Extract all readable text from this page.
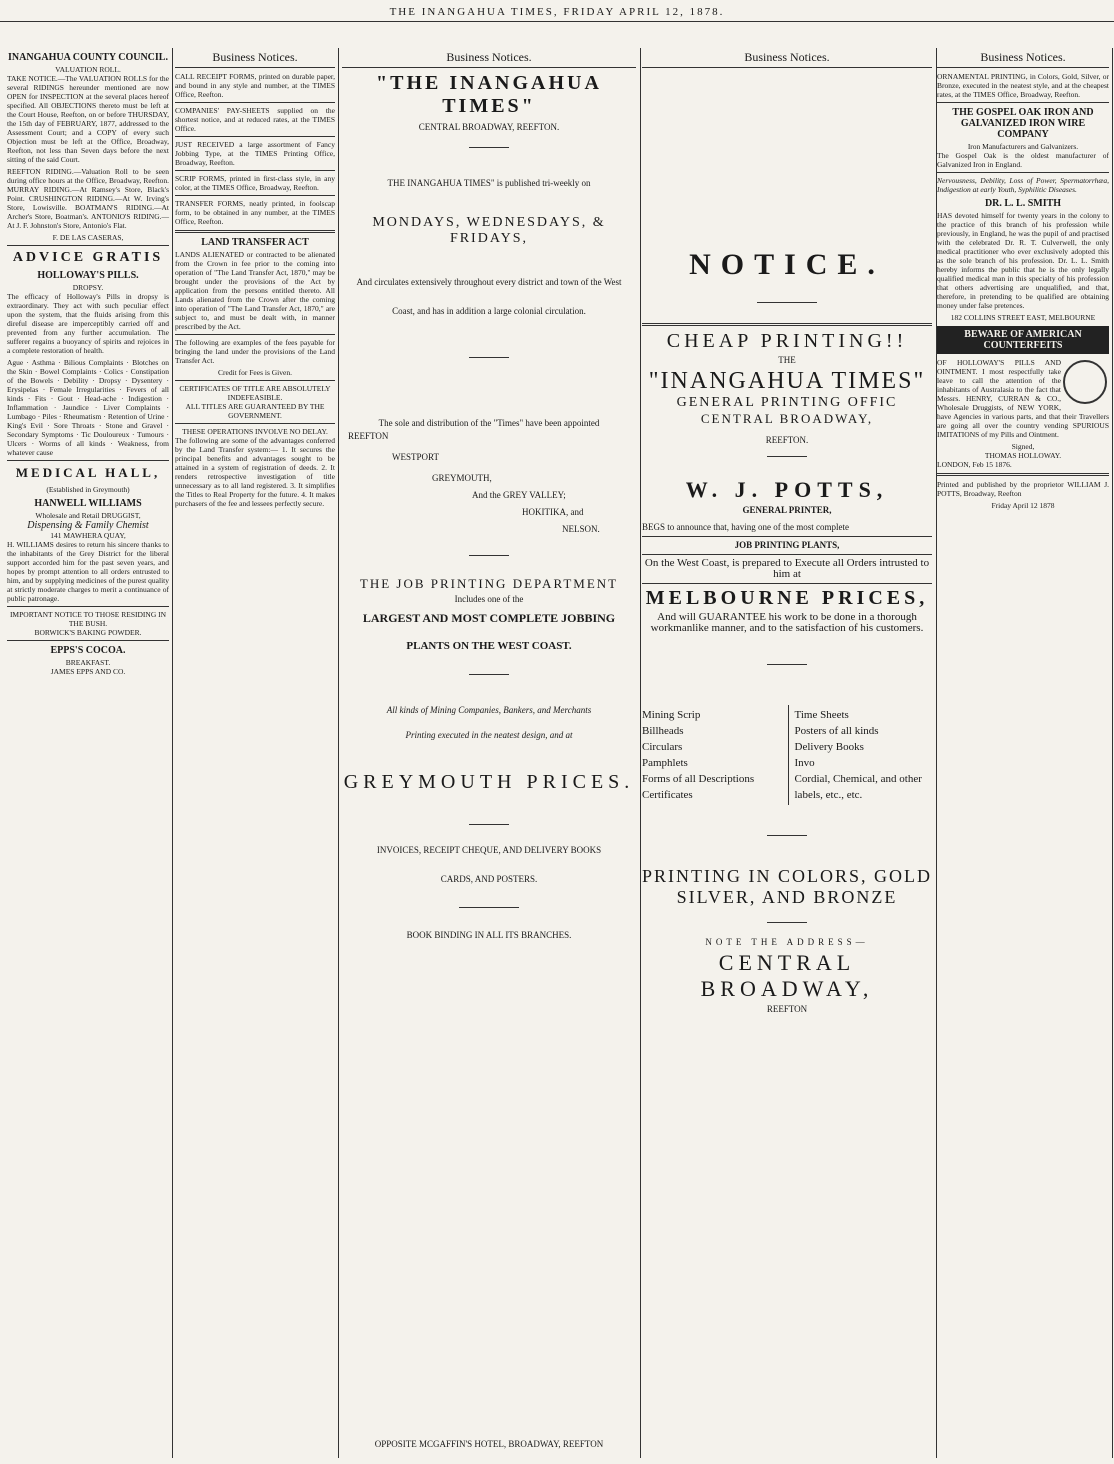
THE INANGAHUA TIMES, FRIDAY APRIL 12, 1878.
INANGAHUA COUNTY COUNCIL.
VALUATION ROLL.
TAKE NOTICE.—The VALUATION ROLLS for the several RIDINGS hereunder mentioned are now OPEN for INSPECTION at the several places hereof specified. All OBJECTIONS thereto must be left at the Court House, Reefton, on or before THURSDAY, the 15th day of FEBRUARY, 1877, addressed to the Assessment Court; and a COPY of every such Objection must be left at the Office, Broadway, Reefton, not less than Seven days before the next sitting of the said Court.
REEFTON RIDING.—Valuation Roll to be seen during office hours at the Office, Broadway, Reefton. MURRAY RIDING.—At Ramsey's Store, Black's Point. CRUSHINGTON RIDING.—At W. Irving's Store, Lowisville. BOATMAN'S RIDING.—At Archer's Store, Boatman's. ANTONIO'S RIDING.—At J. F. Johnston's Store, Antonio's Flat.
F. DE LAS CASERAS,
ADVICE GRATIS
HOLLOWAY'S PILLS.
DROPSY.
The efficacy of Holloway's Pills in dropsy is extraordinary. They act with such peculiar effect upon the system, that the fluids arising from this direful disease are imperceptibly carried off and prevented from any further accumulation. The sufferer regains a buoyancy of spirits and rejoices in a complete restoration of health.
Ague · Asthma · Bilious Complaints · Blotches on the Skin · Bowel Complaints · Colics · Constipation of the Bowels · Debility · Dropsy · Dysentery · Erysipelas · Female Irregularities · Fevers of all kinds · Fits · Gout · Head-ache · Indigestion · Inflammation · Jaundice · Liver Complaints · Lumbago · Piles · Rheumatism · Retention of Urine · King's Evil · Sore Throats · Stone and Gravel · Secondary Symptoms · Tic Douloureux · Tumours · Ulcers · Worms of all kinds · Weakness, from whatever cause
MEDICAL HALL,
(Established in Greymouth)
HANWELL WILLIAMS
Wholesale and Retail DRUGGIST,
Dispensing & Family Chemist
141 MAWHERA QUAY,
H. WILLIAMS desires to return his sincere thanks to the inhabitants of the Grey District for the liberal support accorded him for the past seven years, and hopes by prompt attention to all orders entrusted to him, and by supplying medicines of the purest quality at strictly moderate charges to merit a continuance of public patronage.
IMPORTANT NOTICE TO THOSE RESIDING IN THE BUSH.
BORWICK'S BAKING POWDER.
EPPS'S COCOA.
BREAKFAST.
JAMES EPPS AND CO.
Business Notices.
CALL RECEIPT FORMS, printed on durable paper, and bound in any style and number, at the TIMES Office, Reefton.
COMPANIES' PAY-SHEETS supplied on the shortest notice, and at reduced rates, at the TIMES Office.
JUST RECEIVED a large assortment of Fancy Jobbing Type, at the TIMES Printing Office, Broadway, Reefton.
SCRIP FORMS, printed in first-class style, in any color, at the TIMES Office, Broadway, Reefton.
TRANSFER FORMS, neatly printed, in foolscap form, to be obtained in any number, at the TIMES Office, Reefton.
LAND TRANSFER ACT
LANDS ALIENATED or contracted to be alienated from the Crown in fee prior to the coming into operation of "The Land Transfer Act, 1870," may be brought under the provisions of the Act by application from the persons entitled thereto. All Lands alienated from the Crown after the coming into operation of "The Land Transfer Act, 1870," are subject to, and must be dealt with, in manner prescribed by the Act.
The following are examples of the fees payable for bringing the land under the provisions of the Land Transfer Act.
Credit for Fees is Given.
CERTIFICATES OF TITLE ARE ABSOLUTELY INDEFEASIBLE.
ALL TITLES ARE GUARANTEED BY THE GOVERNMENT.
THESE OPERATIONS INVOLVE NO DELAY.
The following are some of the advantages conferred by the Land Transfer system:— 1. It secures the principal benefits and advantages sought to be attained in a system of registration of deeds. 2. It renders retrospective investigation of title unnecessary as to all land registered. 3. It simplifies the Titles to Real Property for the future. 4. It makes purchasers of the fee and lessees perfectly secure.
Business Notices.
"THE INANGAHUA TIMES"
CENTRAL BROADWAY, REEFTON.
THE INANGAHUA TIMES" is published tri-weekly on
MONDAYS, WEDNESDAYS, & FRIDAYS,
And circulates extensively throughout every district and town of the West
Coast, and has in addition a large colonial circulation.
The sole and distribution of the "Times" have been appointed
REEFTON
WESTPORT
GREYMOUTH,
And the GREY VALLEY;
HOKITIKA, and
NELSON.
THE JOB PRINTING DEPARTMENT
Includes one of the
LARGEST AND MOST COMPLETE JOBBING
PLANTS ON THE WEST COAST.
All kinds of Mining Companies, Bankers, and Merchants
Printing executed in the neatest design, and at
GREYMOUTH PRICES.
INVOICES, RECEIPT CHEQUE, AND DELIVERY BOOKS
CARDS, AND POSTERS.
BOOK BINDING IN ALL ITS BRANCHES.
OPPOSITE MCGAFFIN'S HOTEL, BROADWAY, REEFTON
Business Notices.
NOTICE.
CHEAP PRINTING!!
THE
"INANGAHUA TIMES"
GENERAL PRINTING OFFIC
CENTRAL BROADWAY,
REEFTON.
W. J. POTTS,
GENERAL PRINTER,
BEGS to announce that, having one of the most complete
JOB PRINTING PLANTS,
On the West Coast, is prepared to Execute all Orders intrusted to him at
MELBOURNE PRICES,
And will GUARANTEE his work to be done in a thorough workmanlike manner, and to the satisfaction of his customers.
Mining Scrip
Billheads
Circulars
Pamphlets
Forms of all Descriptions
Certificates
Time Sheets
Posters of all kinds
Delivery Books
Invo
Cordial, Chemical, and other
labels, etc., etc.
PRINTING IN COLORS, GOLD SILVER, AND BRONZE
NOTE THE ADDRESS—
CENTRAL BROADWAY,
REEFTON
Business Notices.
ORNAMENTAL PRINTING, in Colors, Gold, Silver, or Bronze, executed in the neatest style, and at the cheapest rates, at the TIMES Office, Broadway, Reefton.
THE GOSPEL OAK IRON AND GALVANIZED IRON WIRE COMPANY
Iron Manufacturers and Galvanizers.
The Gospel Oak is the oldest manufacturer of Galvanized Iron in England.
Nervousness, Debility, Loss of Power, Spermatorrhæa, Indigestion at early Youth, Syphilitic Diseases.
DR. L. L. SMITH
HAS devoted himself for twenty years in the colony to the practice of this branch of his profession while previously, in England, he was the pupil of and practised with the celebrated Dr. R. T. Culverwell, the only medical practitioner who ever exclusively adopted this as the sole branch of his profession. Dr. L. L. Smith hereby informs the public that he is the only legally qualified medical man in this specialty of his profession that others advertising are unqualified, and that, therefore, in pretending to be qualified are obtaining money under false pretences.
182 COLLINS STREET EAST, MELBOURNE
BEWARE OF AMERICAN COUNTERFEITS
OF HOLLOWAY'S PILLS AND OINTMENT. I most respectfully take leave to call the attention of the inhabitants of Australasia to the fact that Messrs. HENRY, CURRAN & CO., Wholesale Druggists, of NEW YORK, have Agencies in various parts, and that their Travellers are going all over the country vending SPURIOUS IMITATIONS of my Pills and Ointment.
Signed,
THOMAS HOLLOWAY.
LONDON, Feb 15 1876.
Printed and published by the proprietor WILLIAM J. POTTS, Broadway, Reefton
Friday April 12 1878
